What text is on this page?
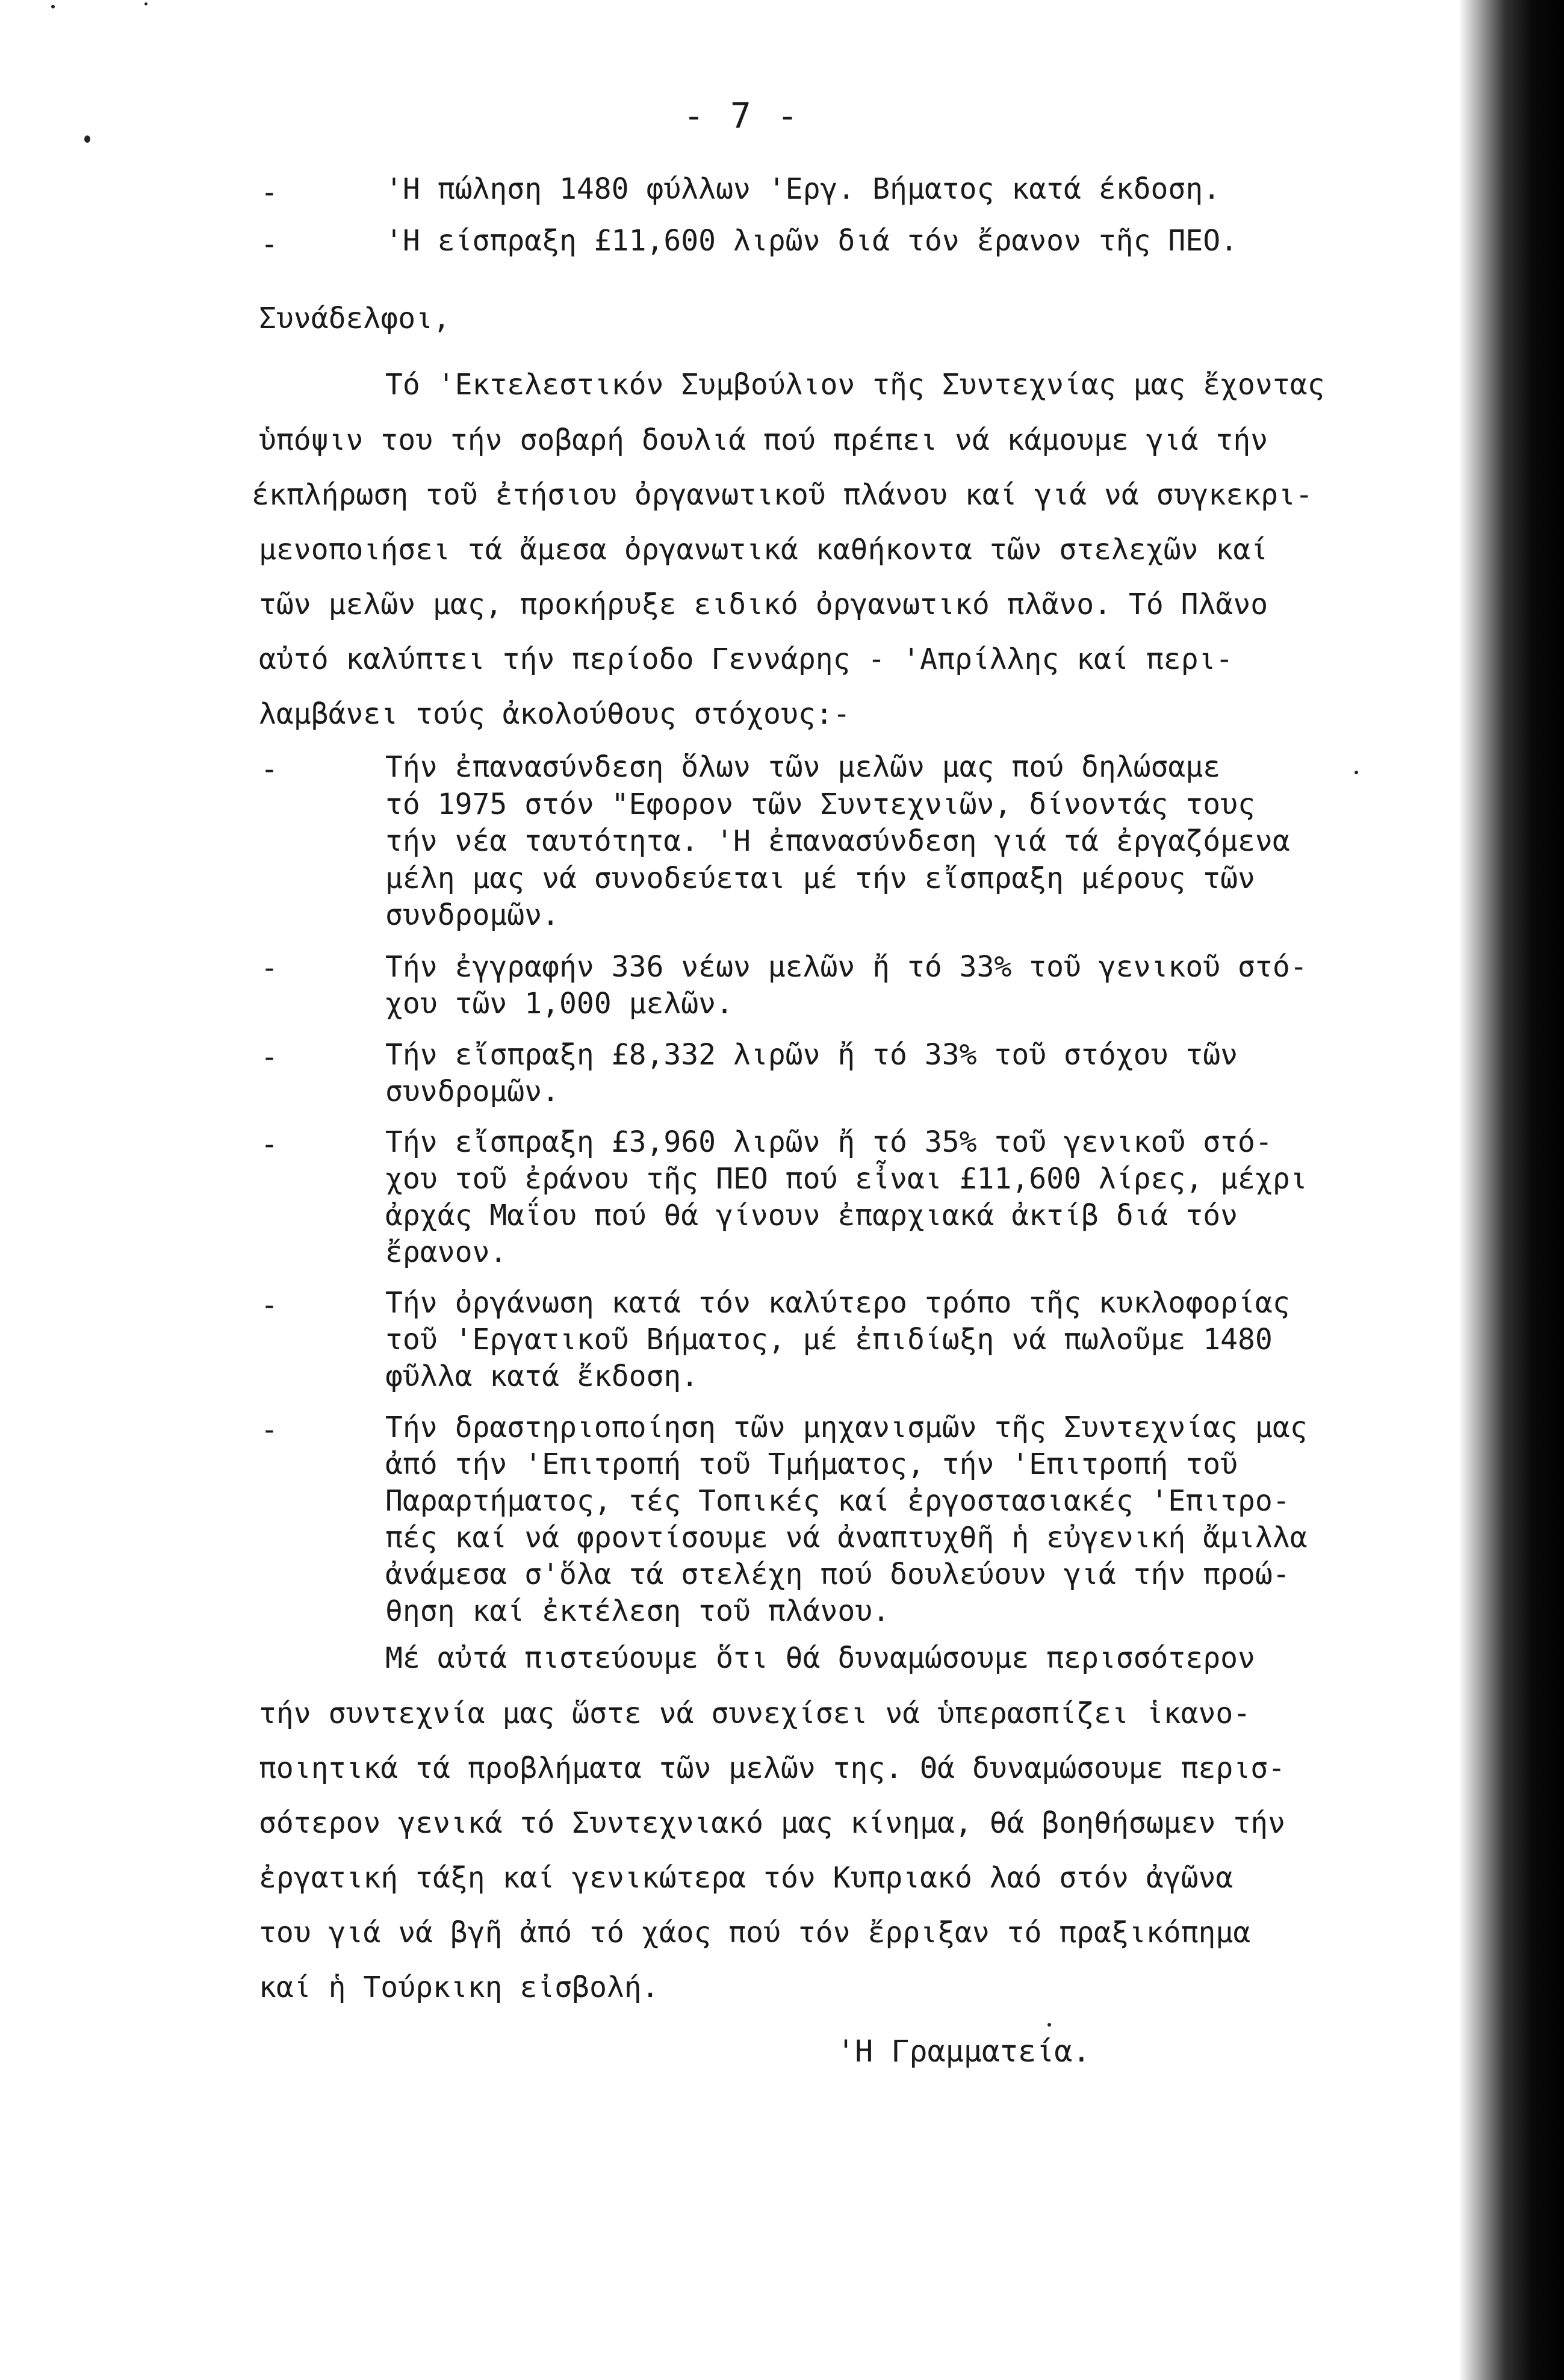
- 7 -
-	'Η πώληση 1480 φύλλων 'Εργ. Βήματος κατά έκδοση.
-	'Η είσπραξη £11,600 λιρῶν διά τόν ἔρανον τῆς ΠΕΟ.
Συνάδελφοι,
Τό 'Εκτελεστικόν Συμβούλιον τῆς Συντεχνίας μας ἔχοντας
ὑπόψιν του τήν σοβαρή δουλιά πού πρέπει νά κάμουμε γιά τήν
έκπλήρωση τοῦ ἐτήσιου ὀργανωτικοῦ πλάνου καί γιά νά συγκεκρι-
μενοποιήσει τά ἄμεσα ὀργανωτικά καθήκοντα τῶν στελεχῶν καί
τῶν μελῶν μας, προκήρυξε ειδικό ὀργανωτικό πλᾶνο. Τό Πλᾶνο
αὐτό καλύπτει τήν περίοδο Γεννάρης - 'Απρίλλης καί περι-
λαμβάνει τούς ἀκολούθους στόχους:-
-	Τήν ἐπανασύνδεση ὅλων τῶν μελῶν μας πού δηλώσαμε
τό 1975 στόν "Εφορον τῶν Συντεχνιῶν, δίνοντάς τους
τήν νέα ταυτότητα. 'Η ἐπανασύνδεση γιά τά ἐργαζόμενα
μέλη μας νά συνοδεύεται μέ τήν εἴσπραξη μέρους τῶν
συνδρομῶν.
-	Τήν ἐγγραφήν 336 νέων μελῶν ἤ τό 33% τοῦ γενικοῦ στό-
χου τῶν 1,000 μελῶν.
-	Τήν εἴσπραξη £8,332 λιρῶν ἤ τό 33% τοῦ στόχου τῶν
συνδρομῶν.
-	Τήν εἴσπραξη £3,960 λιρῶν ἤ τό 35% τοῦ γενικοῦ στό-
χου τοῦ ἐράνου τῆς ΠΕΟ πού εἶναι £11,600 λίρες, μέχρι
ἀρχάς Μαΐου πού θά γίνουν ἐπαρχιακά ἀκτίβ διά τόν
ἔρανον.
-	Τήν ὀργάνωση κατά τόν καλύτερο τρόπο τῆς κυκλοφορίας
τοῦ 'Εργατικοῦ Βήματος, μέ ἐπιδίωξη νά πωλοῦμε 1480
φῦλλα κατά ἔκδοση.
-	Τήν δραστηριοποίηση τῶν μηχανισμῶν τῆς Συντεχνίας μας
ἀπό τήν 'Επιτροπή τοῦ Τμήματος, τήν 'Επιτροπή τοῦ
Παραρτήματος, τές Τοπικές καί ἐργοστασιακές 'Επιτρο-
πές καί νά φροντίσουμε νά ἀναπτυχθῆ ἡ εὐγενική ἄμιλλα
ἀνάμεσα σ'ὅλα τά στελέχη πού δουλεύουν γιά τήν προώ-
θηση καί ἐκτέλεση τοῦ πλάνου.
Μέ αὐτά πιστεύουμε ὅτι θά δυναμώσουμε περισσότερον
τήν συντεχνία μας ὥστε νά συνεχίσει νά ὑπερασπίζει ἱκανο-
ποιητικά τά προβλήματα τῶν μελῶν της. Θά δυναμώσουμε περισ-
σότερον γενικά τό Συντεχνιακό μας κίνημα, θά βοηθήσωμεν τήν
ἐργατική τάξη καί γενικώτερα τόν Κυπριακό λαό στόν ἀγῶνα
του γιά νά βγῆ ἀπό τό χάος πού τόν ἔρριξαν τό πραξικόπημα
καί ἡ Τούρκικη εἰσβολή.
'Η Γραμματεία.
